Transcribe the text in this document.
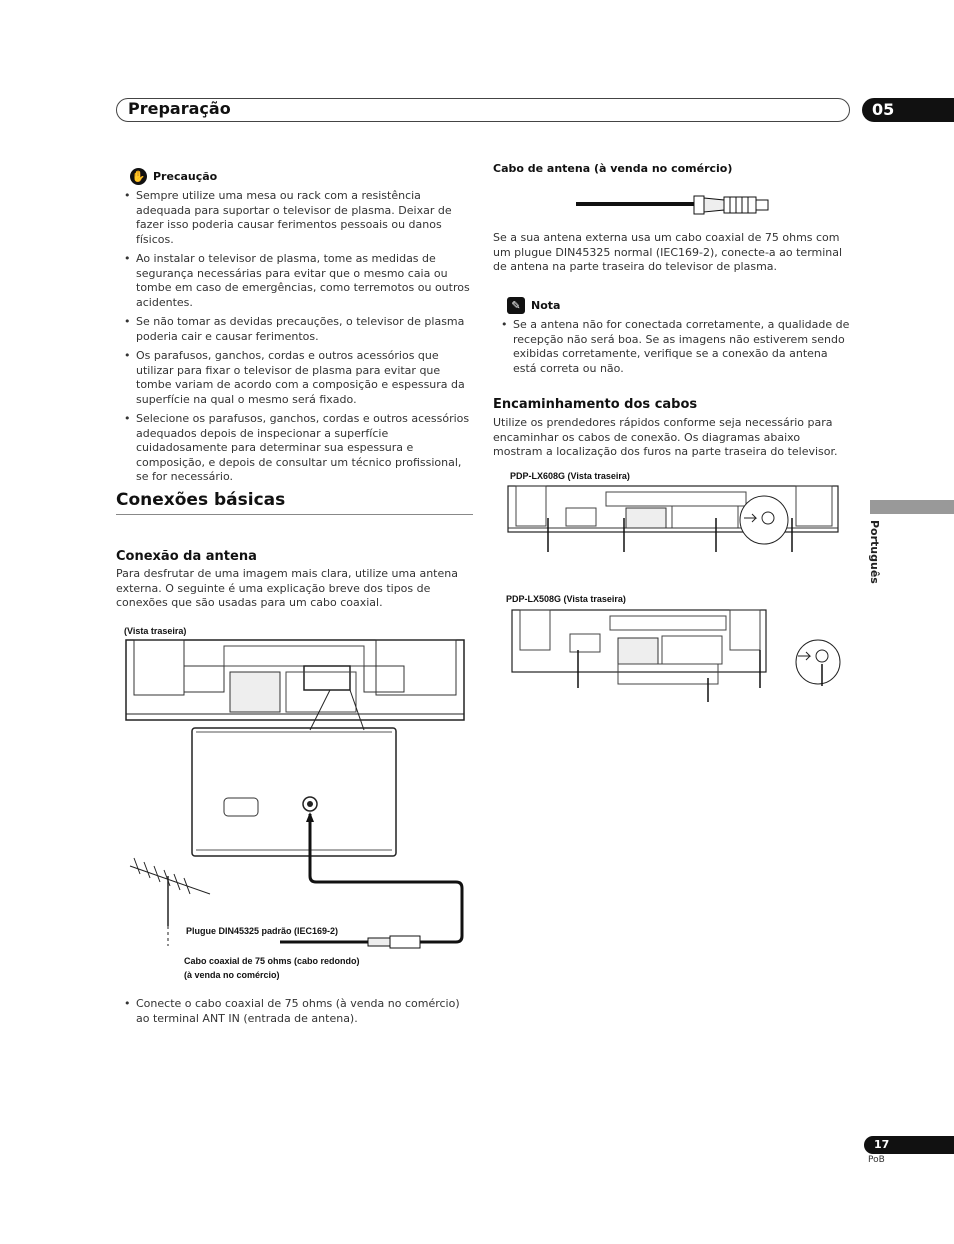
Preparação	05
Português
✋ Precaução
• Sempre utilize uma mesa ou rack com a resistência adequada para suportar o televisor de plasma. Deixar de fazer isso poderia causar ferimentos pessoais ou danos físicos.
• Ao instalar o televisor de plasma, tome as medidas de segurança necessárias para evitar que o mesmo caia ou tombe em caso de emergências, como terremotos ou outros acidentes.
• Se não tomar as devidas precauções, o televisor de plasma poderia cair e causar ferimentos.
• Os parafusos, ganchos, cordas e outros acessórios que utilizar para fixar o televisor de plasma para evitar que tombe variam de acordo com a composição e espessura da superfície na qual o mesmo será fixado.
• Selecione os parafusos, ganchos, cordas e outros acessórios adequados depois de inspecionar a superfície cuidadosamente para determinar sua espessura e composição, e depois de consultar um técnico profissional, se for necessário.
Conexões básicas
Conexão da antena
Para desfrutar de uma imagem mais clara, utilize uma antena externa. O seguinte é uma explicação breve dos tipos de conexões que são usadas para um cabo coaxial.
(Vista traseira)
Plugue DIN45325 padrão (IEC169-2)
Cabo coaxial de 75 ohms (cabo redondo)
(à venda no comércio)
• Conecte o cabo coaxial de 75 ohms (à venda no comércio) ao terminal ANT IN (entrada de antena).
Cabo de antena (à venda no comércio)
Se a sua antena externa usa um cabo coaxial de 75 ohms com um plugue DIN45325 normal (IEC169-2), conecte-a ao terminal de antena na parte traseira do televisor de plasma.
✎ Nota
• Se a antena não for conectada corretamente, a qualidade de recepção não será boa. Se as imagens não estiverem sendo exibidas corretamente, verifique se a conexão da antena está correta ou não.
Encaminhamento dos cabos
Utilize os prendedores rápidos conforme seja necessário para encaminhar os cabos de conexão. Os diagramas abaixo mostram a localização dos furos na parte traseira do televisor.
PDP-LX608G (Vista traseira)
PDP-LX508G (Vista traseira)
17
PoB
